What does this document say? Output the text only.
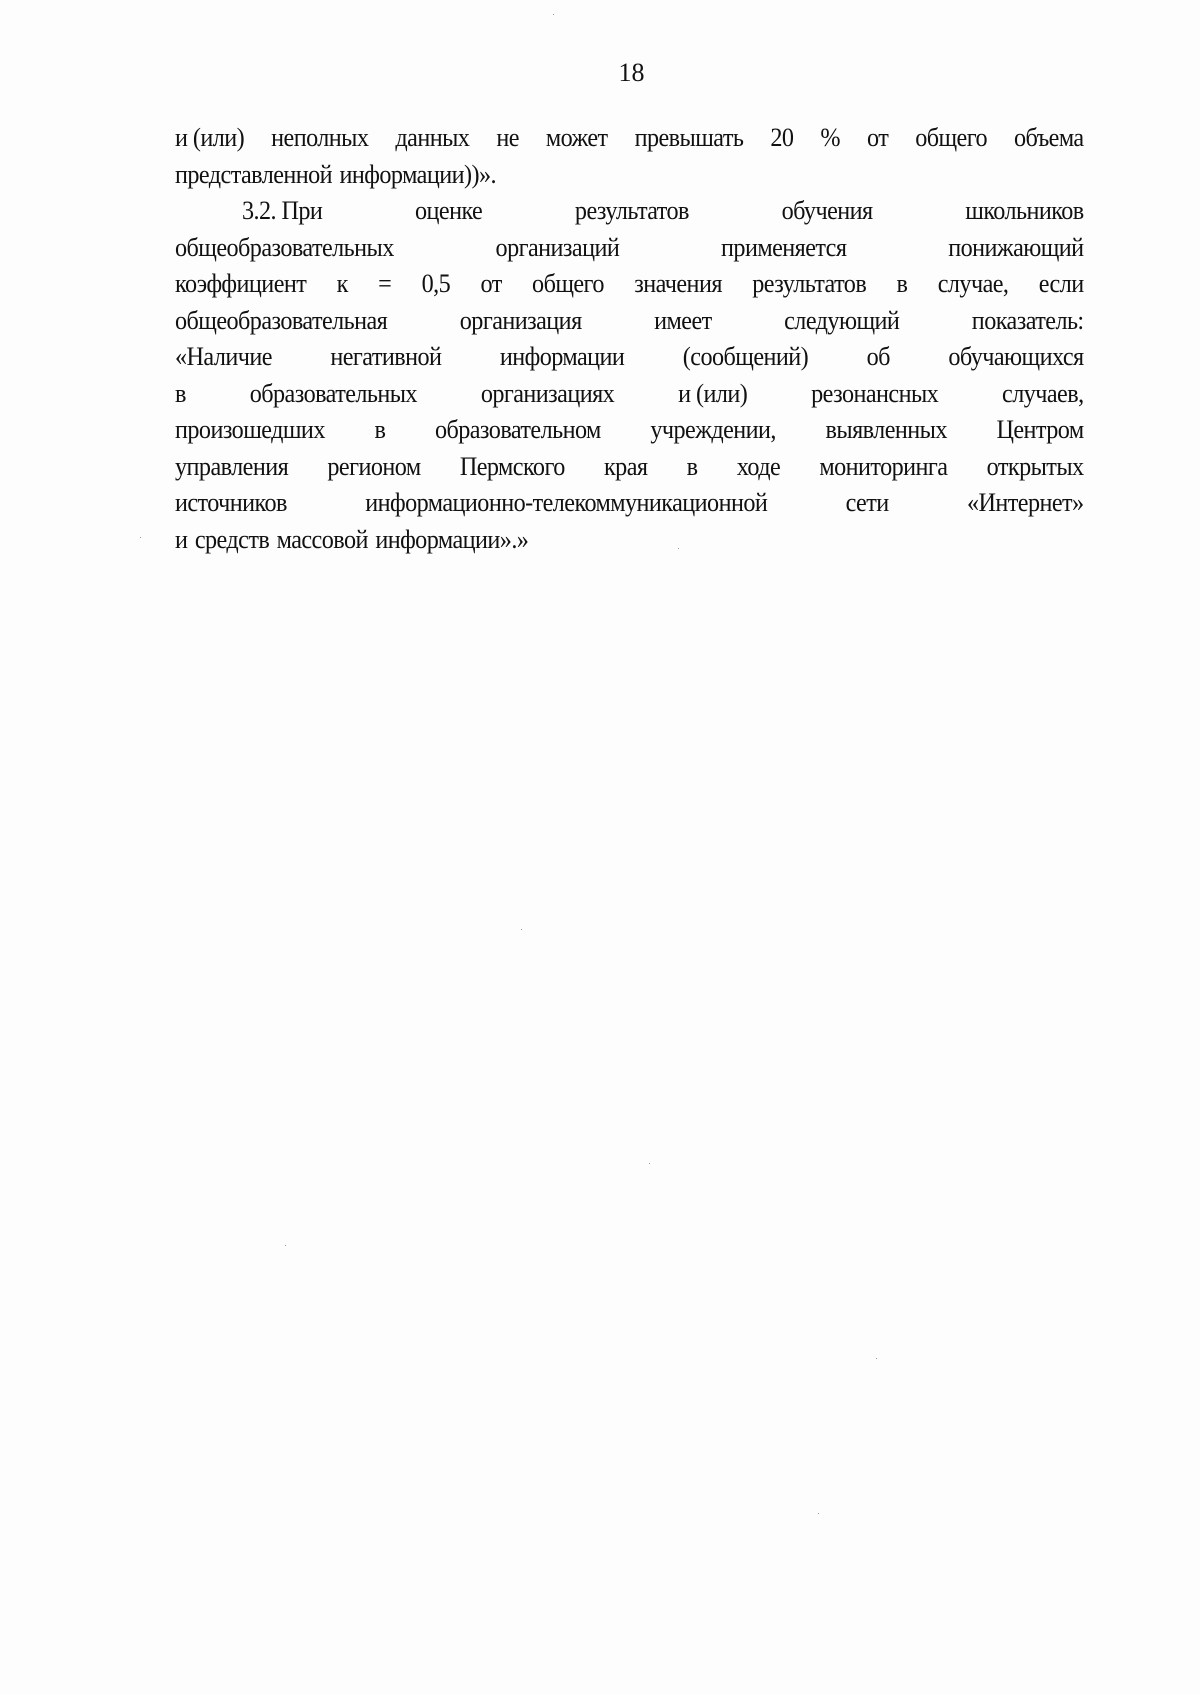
18
и (или) неполных данных не может превышать 20 % от общего объема
представленной информации))».
3.2. При	оценке	результатов	обучения	школьников
общеобразовательных	организаций	применяется	понижающий
коэффициент к = 0,5 от общего значения результатов в случае, если
общеобразовательная	организация	имеет	следующий	показатель:
«Наличие негативной информации (сообщений) об обучающихся
в образовательных организациях и (или) резонансных случаев,
произошедших в образовательном учреждении, выявленных Центром
управления регионом Пермского края в ходе мониторинга открытых
источников	информационно-телекоммуникационной	сети	«Интернет»
и средств массовой информации».»
